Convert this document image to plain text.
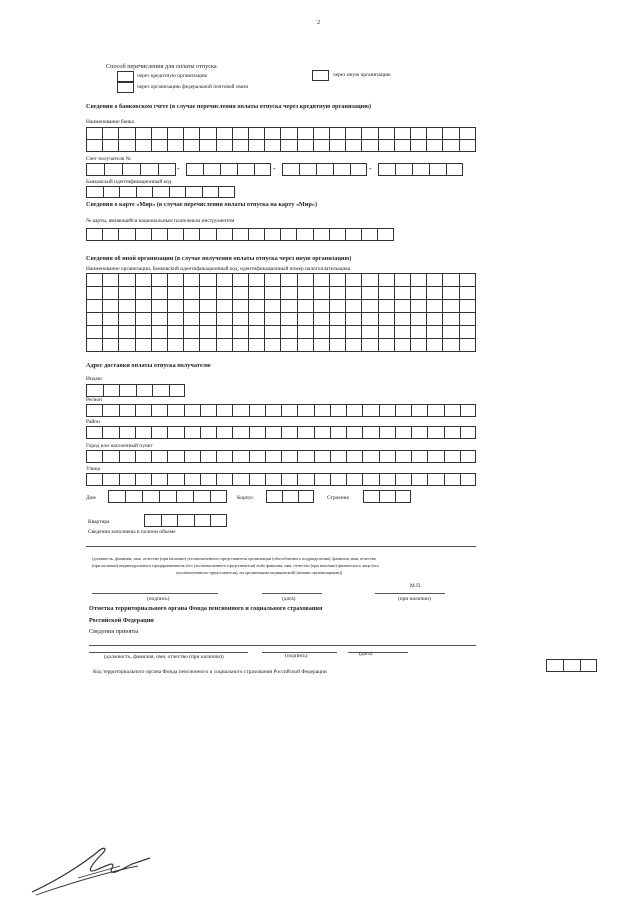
2
Способ перечисления для оплаты отпуска
через кредитную организацию
через организацию федеральной почтовой связи
через иную организацию
Сведения о банковском счете (в случае перечисления оплаты отпуска через кредитную организацию)
Наименование банка

Счет получателя №
-	-	-
Банковский идентификационный код
Сведения о карте «Мир» (в случае перечисления оплаты отпуска на карту «Мир»)
№ карты, являющейся национальным платежным инструментом
Сведения об иной организации (в случае получения оплаты отпуска через иную организацию)
Наименование организации, банковский идентификационный код, идентификационный номер налогоплательщика

Адрес доставки оплаты отпуска получателю
Индекс
Регион
Район
Город или населенный пункт
Улица
Дом	Корпус	Строение
Квартира
Сведения заполнены в полном объеме
(должность, фамилия, имя, отчество (при наличии) уполномоченного представителя организации (обособленного подразделения), фамилия, имя, отчество
(при наличии) индивидуального предпринимателя (его уполномоченного представителя) либо фамилия, имя, отчество (при наличии) физического лица (его
уполномоченного представителя), на организацию медицинской) (иными организациями))
М.П.
(подпись)	(дата)	(при наличии)
Отметка территориального органа Фонда пенсионного и социального страхования
Российской Федерации
Сведения приняты
(должность, фамилия, имя, отчество (при наличии))	(подпись)	(дата)
Код территориального органа Фонда пенсионного и социального страхования Российской Федерации
